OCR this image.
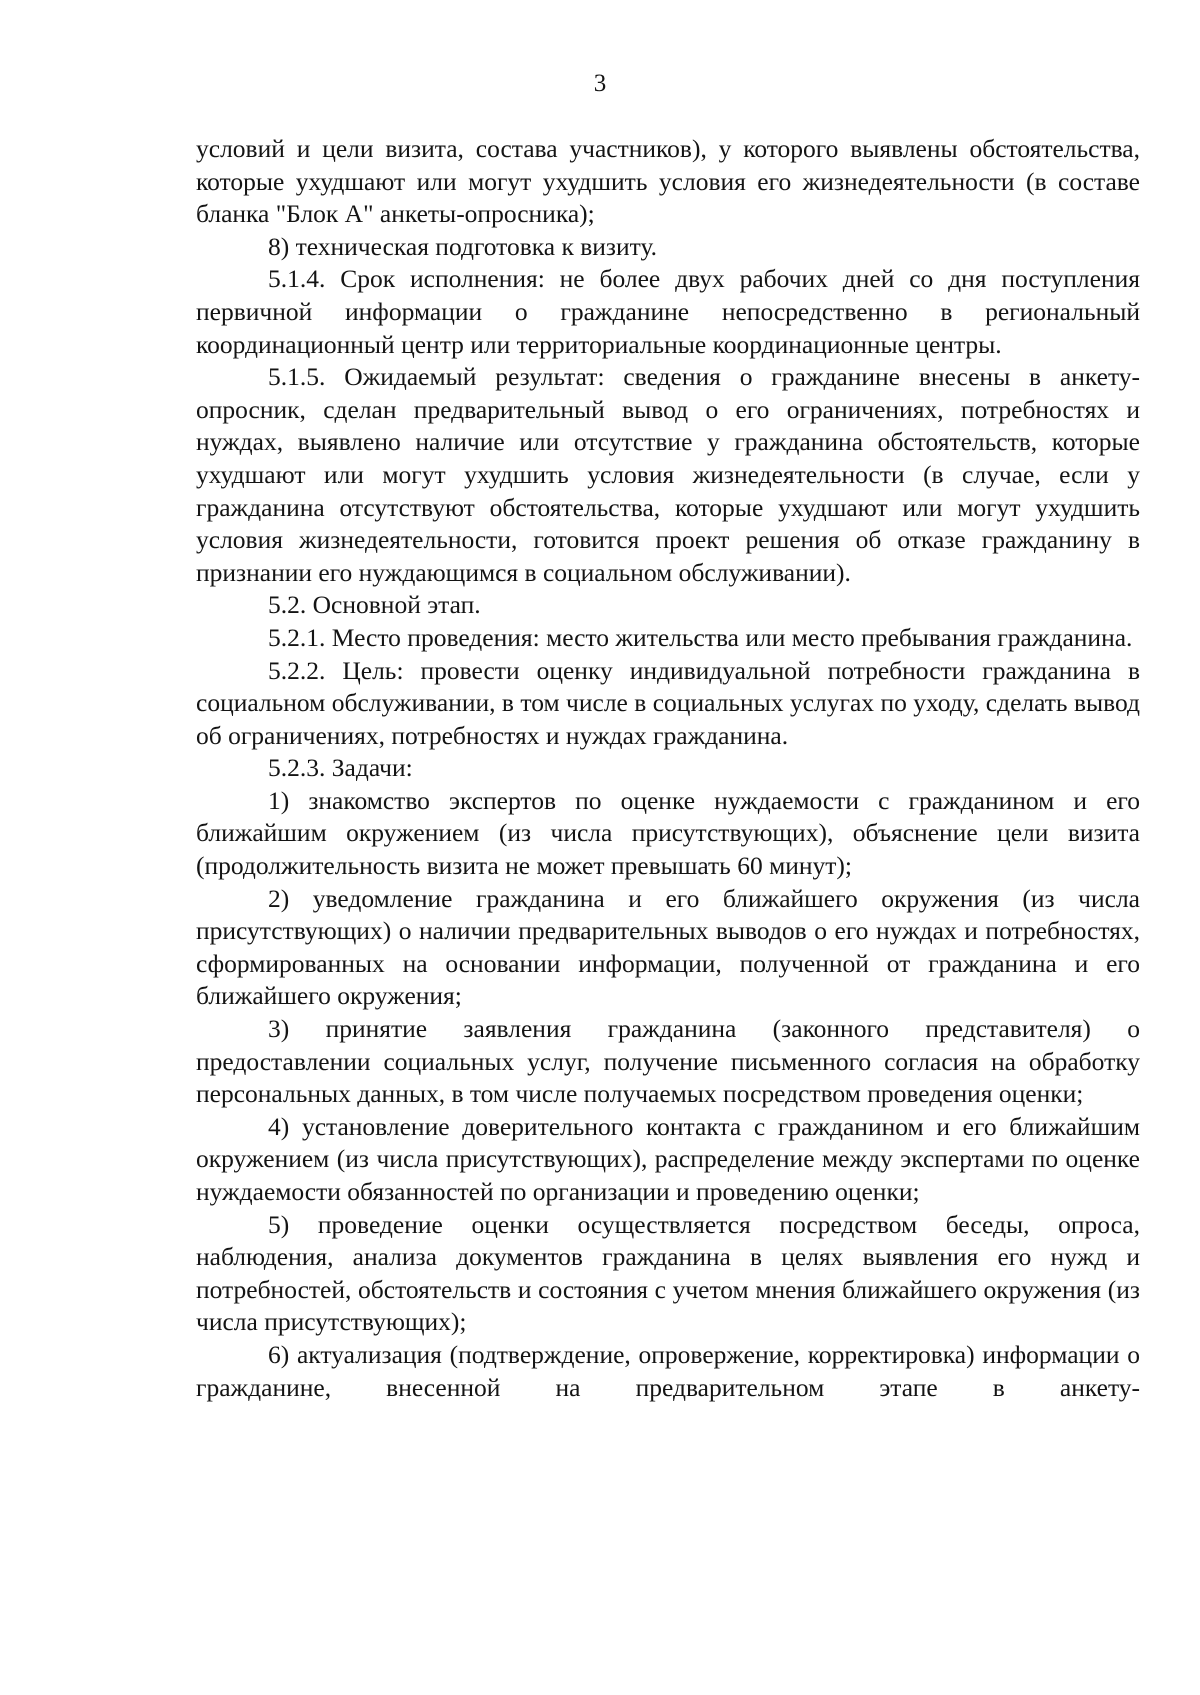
3

условий и цели визита, состава участников), у которого выявлены обстоятельства, которые ухудшают или могут ухудшить условия его жизнедеятельности (в составе бланка "Блок А" анкеты-опросника);

8) техническая подготовка к визиту.

5.1.4. Срок исполнения: не более двух рабочих дней со дня поступления первичной информации о гражданине непосредственно в региональный координационный центр или территориальные координационные центры.

5.1.5. Ожидаемый результат: сведения о гражданине внесены в анкету-опросник, сделан предварительный вывод о его ограничениях, потребностях и нуждах, выявлено наличие или отсутствие у гражданина обстоятельств, которые ухудшают или могут ухудшить условия жизнедеятельности (в случае, если у гражданина отсутствуют обстоятельства, которые ухудшают или могут ухудшить условия жизнедеятельности, готовится проект решения об отказе гражданину в признании его нуждающимся в социальном обслуживании).

5.2. Основной этап.

5.2.1. Место проведения: место жительства или место пребывания гражданина.

5.2.2. Цель: провести оценку индивидуальной потребности гражданина в социальном обслуживании, в том числе в социальных услугах по уходу, сделать вывод об ограничениях, потребностях и нуждах гражданина.

5.2.3. Задачи:

1) знакомство экспертов по оценке нуждаемости с гражданином и его ближайшим окружением (из числа присутствующих), объяснение цели визита (продолжительность визита не может превышать 60 минут);

2) уведомление гражданина и его ближайшего окружения (из числа присутствующих) о наличии предварительных выводов о его нуждах и потребностях, сформированных на основании информации, полученной от гражданина и его ближайшего окружения;

3) принятие заявления гражданина (законного представителя) о предоставлении социальных услуг, получение письменного согласия на обработку персональных данных, в том числе получаемых посредством проведения оценки;

4) установление доверительного контакта с гражданином и его ближайшим окружением (из числа присутствующих), распределение между экспертами по оценке нуждаемости обязанностей по организации и проведению оценки;

5) проведение оценки осуществляется посредством беседы, опроса, наблюдения, анализа документов гражданина в целях выявления его нужд и потребностей, обстоятельств и состояния с учетом мнения ближайшего окружения (из числа присутствующих);

6) актуализация (подтверждение, опровержение, корректировка) информации о гражданине, внесенной на предварительном этапе в анкету-
